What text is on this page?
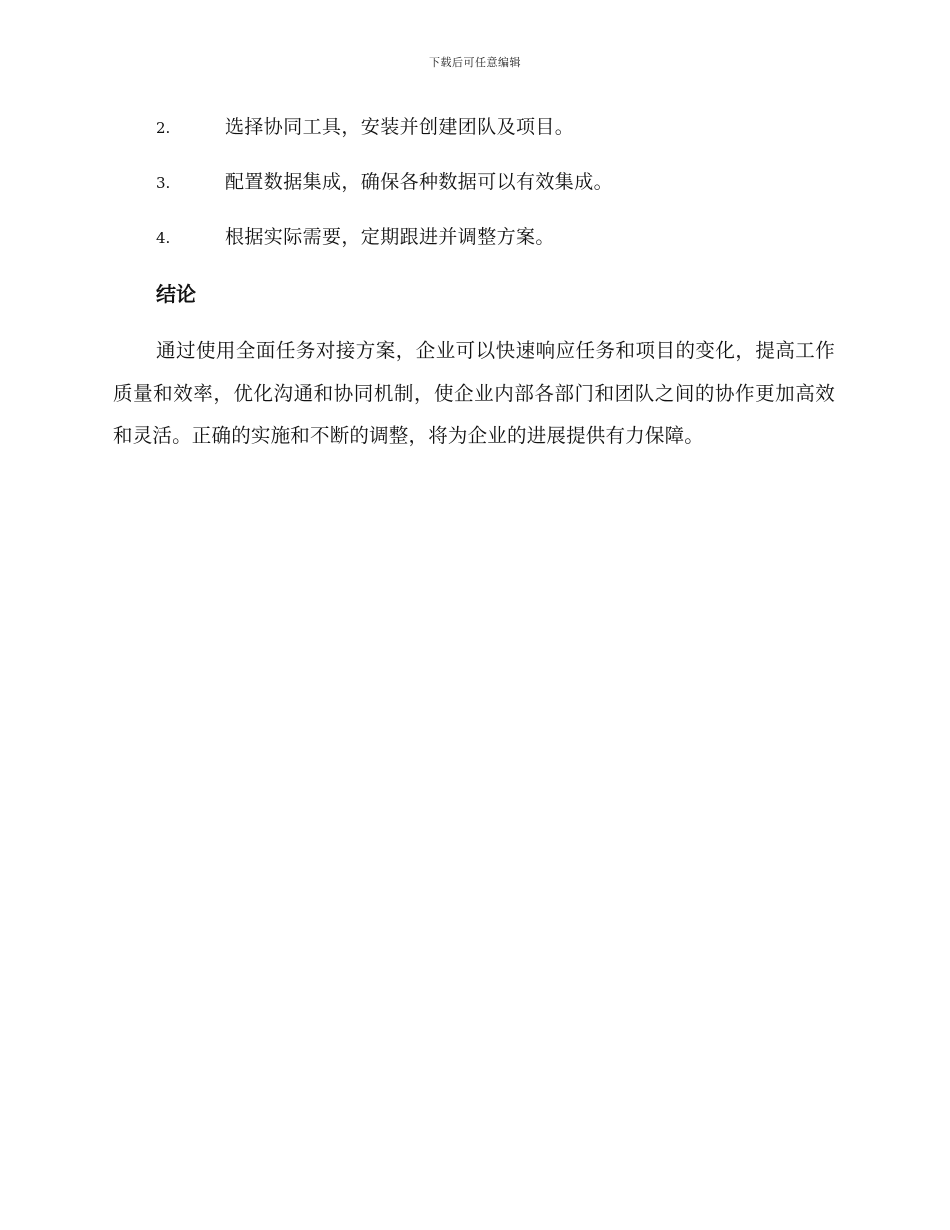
下载后可任意编辑
2.	选择协同工具，安装并创建团队及项目。
3.	配置数据集成，确保各种数据可以有效集成。
4.	根据实际需要，定期跟进并调整方案。
结论

通过使用全面任务对接方案，企业可以快速响应任务和项目的变化，提高工作质量和效率，优化沟通和协同机制，使企业内部各部门和团队之间的协作更加高效和灵活。正确的实施和不断的调整，将为企业的进展提供有力保障。
